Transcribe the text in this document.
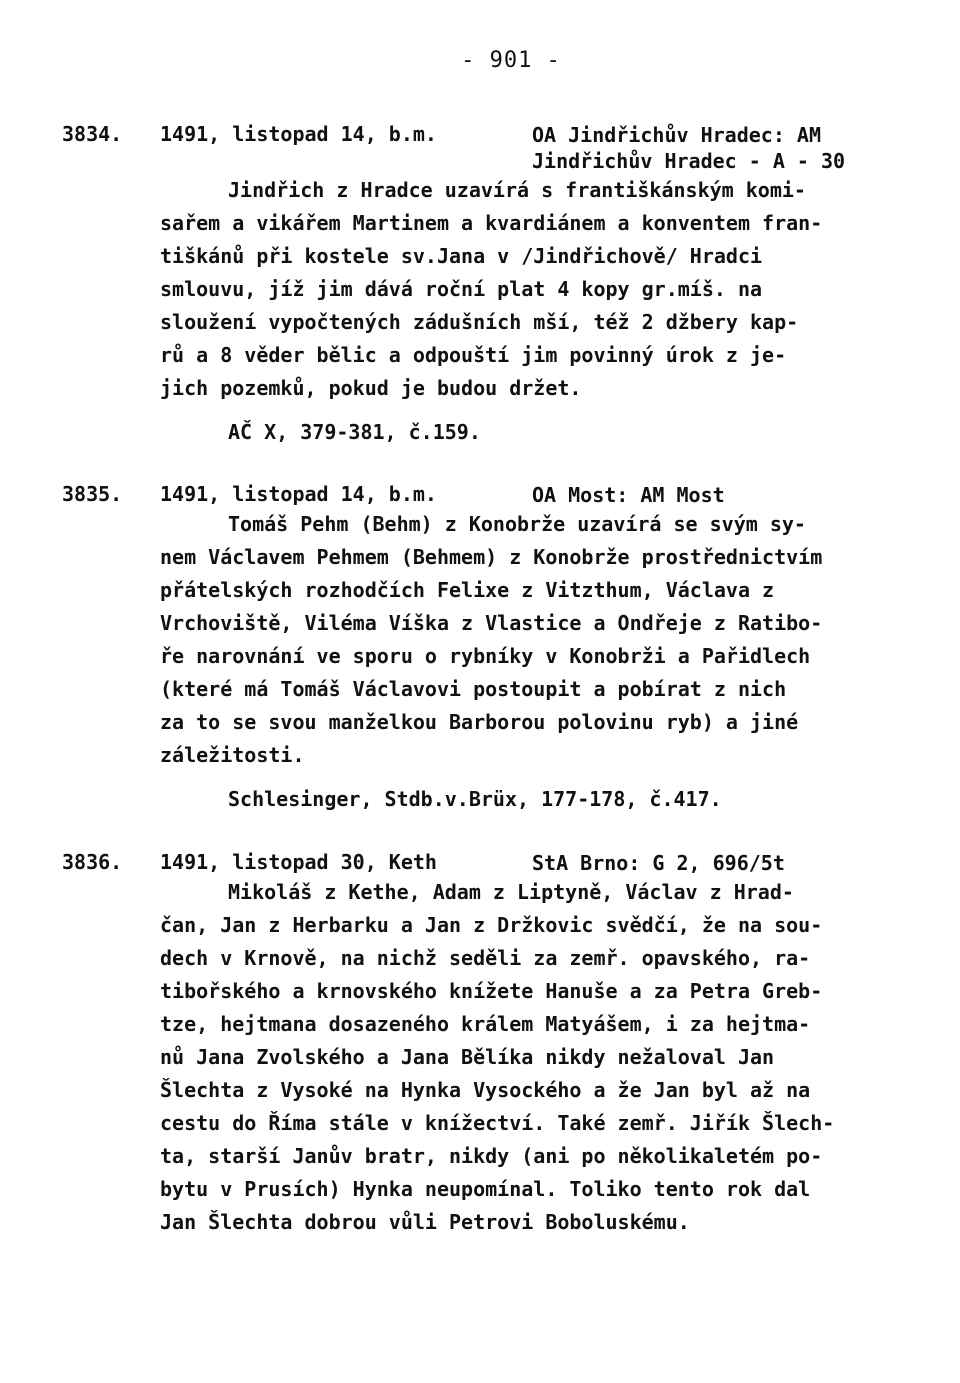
- 901 -
3834. 1491, listopad 14, b.m.	OA Jindřichův Hradec: AM
Jindřichův Hradec - A - 30
Jindřich z Hradce uzavírá s františkánským komi-
sařem a vikářem Martinem a kvardiánem a konventem fran-
tiškánů při kostele sv.Jana v /Jindřichově/ Hradci
smlouvu, jíž jim dává roční plat 4 kopy gr.míš. na
sloužení vypočtených zádušních mší, též 2 džbery kap-
rů a 8 věder bělic a odpouští jim povinný úrok z je-
jich pozemků, pokud je budou držet.
AČ X, 379-381, č.159.
3835. 1491, listopad 14, b.m.	OA Most: AM Most
Tomáš Pehm (Behm) z Konobrže uzavírá se svým sy-
nem Václavem Pehmem (Behmem) z Konobrže prostřednictvím
přátelských rozhodčích Felixe z Vitzthum, Václava z
Vrchoviště, Viléma Víška z Vlastice a Ondřeje z Ratibo-
ře narovnání ve sporu o rybníky v Konobrži a Pařidlech
(které má Tomáš Václavovi postoupit a pobírat z nich
za to se svou manželkou Barborou polovinu ryb) a jiné
záležitosti.
Schlesinger, Stdb.v.Brüx, 177-178, č.417.
3836. 1491, listopad 30, Keth	StA Brno: G 2, 696/5t
Mikoláš z Kethe, Adam z Liptyně, Václav z Hrad-
čan, Jan z Herbarku a Jan z Držkovic svědčí, že na sou-
dech v Krnově, na nichž seděli za zemř. opavského, ra-
tibořského a krnovského knížete Hanuše a za Petra Greb-
tze, hejtmana dosazeného králem Matyášem, i za hejtma-
nů Jana Zvolského a Jana Bělíka nikdy nežaloval Jan
Šlechta z Vysoké na Hynka Vysockého a že Jan byl až na
cestu do Říma stále v knížectví. Také zemř. Jiřík Šlech-
ta, starší Janův bratr, nikdy (ani po několikaletém po-
bytu v Prusích) Hynka neupomínal. Toliko tento rok dal
Jan Šlechta dobrou vůli Petrovi Boboluskému.
